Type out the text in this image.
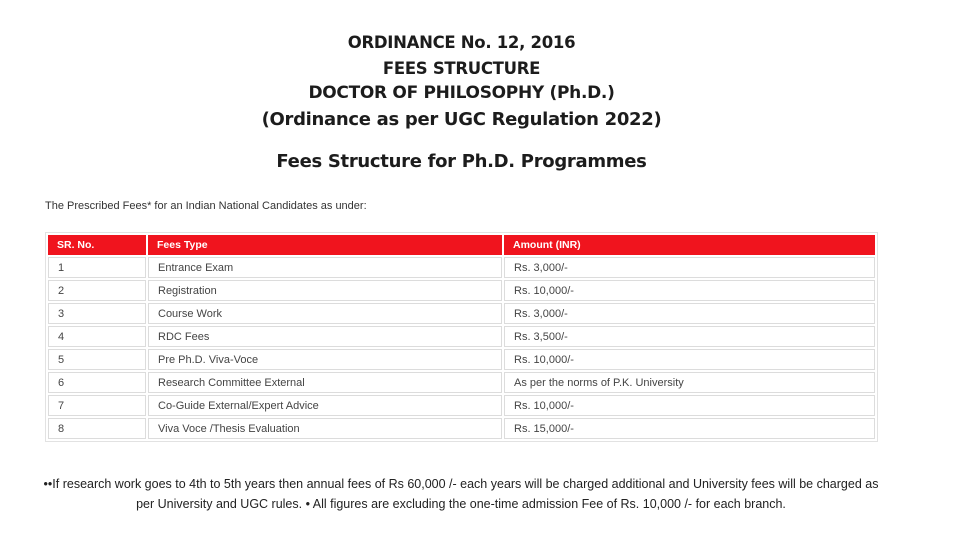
ORDINANCE No. 12, 2016
FEES STRUCTURE
DOCTOR OF PHILOSOPHY (Ph.D.)
(Ordinance as per UGC Regulation 2022)
Fees Structure for Ph.D. Programmes
The Prescribed Fees* for an Indian National Candidates as under:
SR. No.	Fees Type	Amount (INR)
1	Entrance Exam	Rs. 3,000/-
2	Registration	Rs. 10,000/-
3	Course Work	Rs. 3,000/-
4	RDC Fees	Rs. 3,500/-
5	Pre Ph.D. Viva-Voce	Rs. 10,000/-
6	Research Committee External	As per the norms of P.K. University
7	Co-Guide External/Expert Advice	Rs. 10,000/-
8	Viva Voce /Thesis Evaluation	Rs. 15,000/-
••If research work goes to 4th to 5th years then annual fees of Rs 60,000 /- each years will be charged additional and University fees will be charged as per University and UGC rules. • All figures are excluding the one-time admission Fee of Rs. 10,000 /- for each branch.
